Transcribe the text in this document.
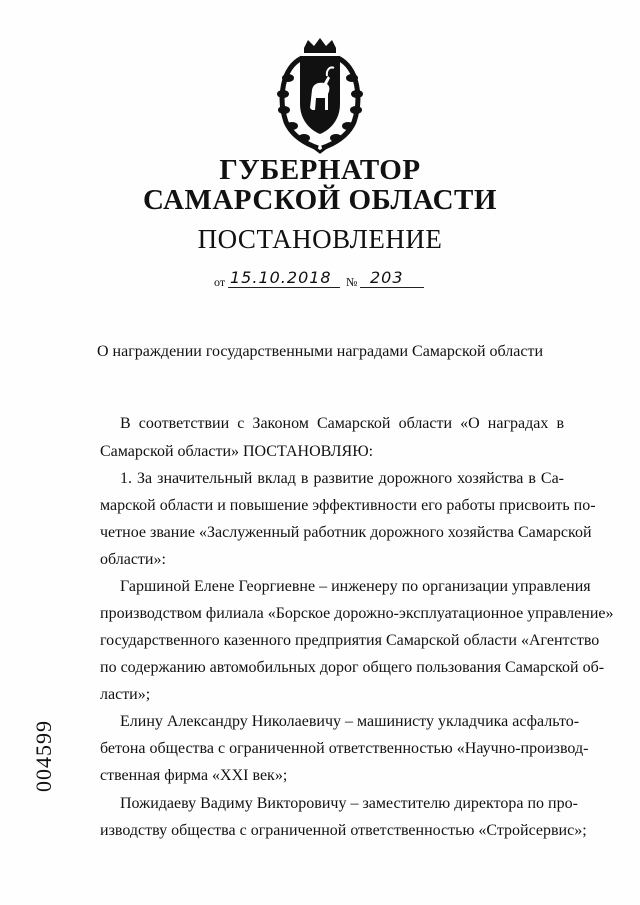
ГУБЕРНАТОР
САМАРСКОЙ ОБЛАСТИ
ПОСТАНОВЛЕНИЕ
от 15.10.2018 № 203
О награждении государственными наградами Самарской области
В соответствии с Законом Самарской области «О наградах в
Самарской области» ПОСТАНОВЛЯЮ:
1. За значительный вклад в развитие дорожного хозяйства в Са-
марской области и повышение эффективности его работы присвоить по-
четное звание «Заслуженный работник дорожного хозяйства Самарской
области»:
Гаршиной Елене Георгиевне – инженеру по организации управления
производством филиала «Борское дорожно-эксплуатационное управление»
государственного казенного предприятия Самарской области «Агентство
по содержанию автомобильных дорог общего пользования Самарской об-
ласти»;
Елину Александру Николаевичу – машинисту укладчика асфальто-
бетона общества с ограниченной ответственностью «Научно-производ-
ственная фирма «XXI век»;
Пожидаеву Вадиму Викторовичу – заместителю директора по про-
изводству общества с ограниченной ответственностью «Стройсервис»;
004599
